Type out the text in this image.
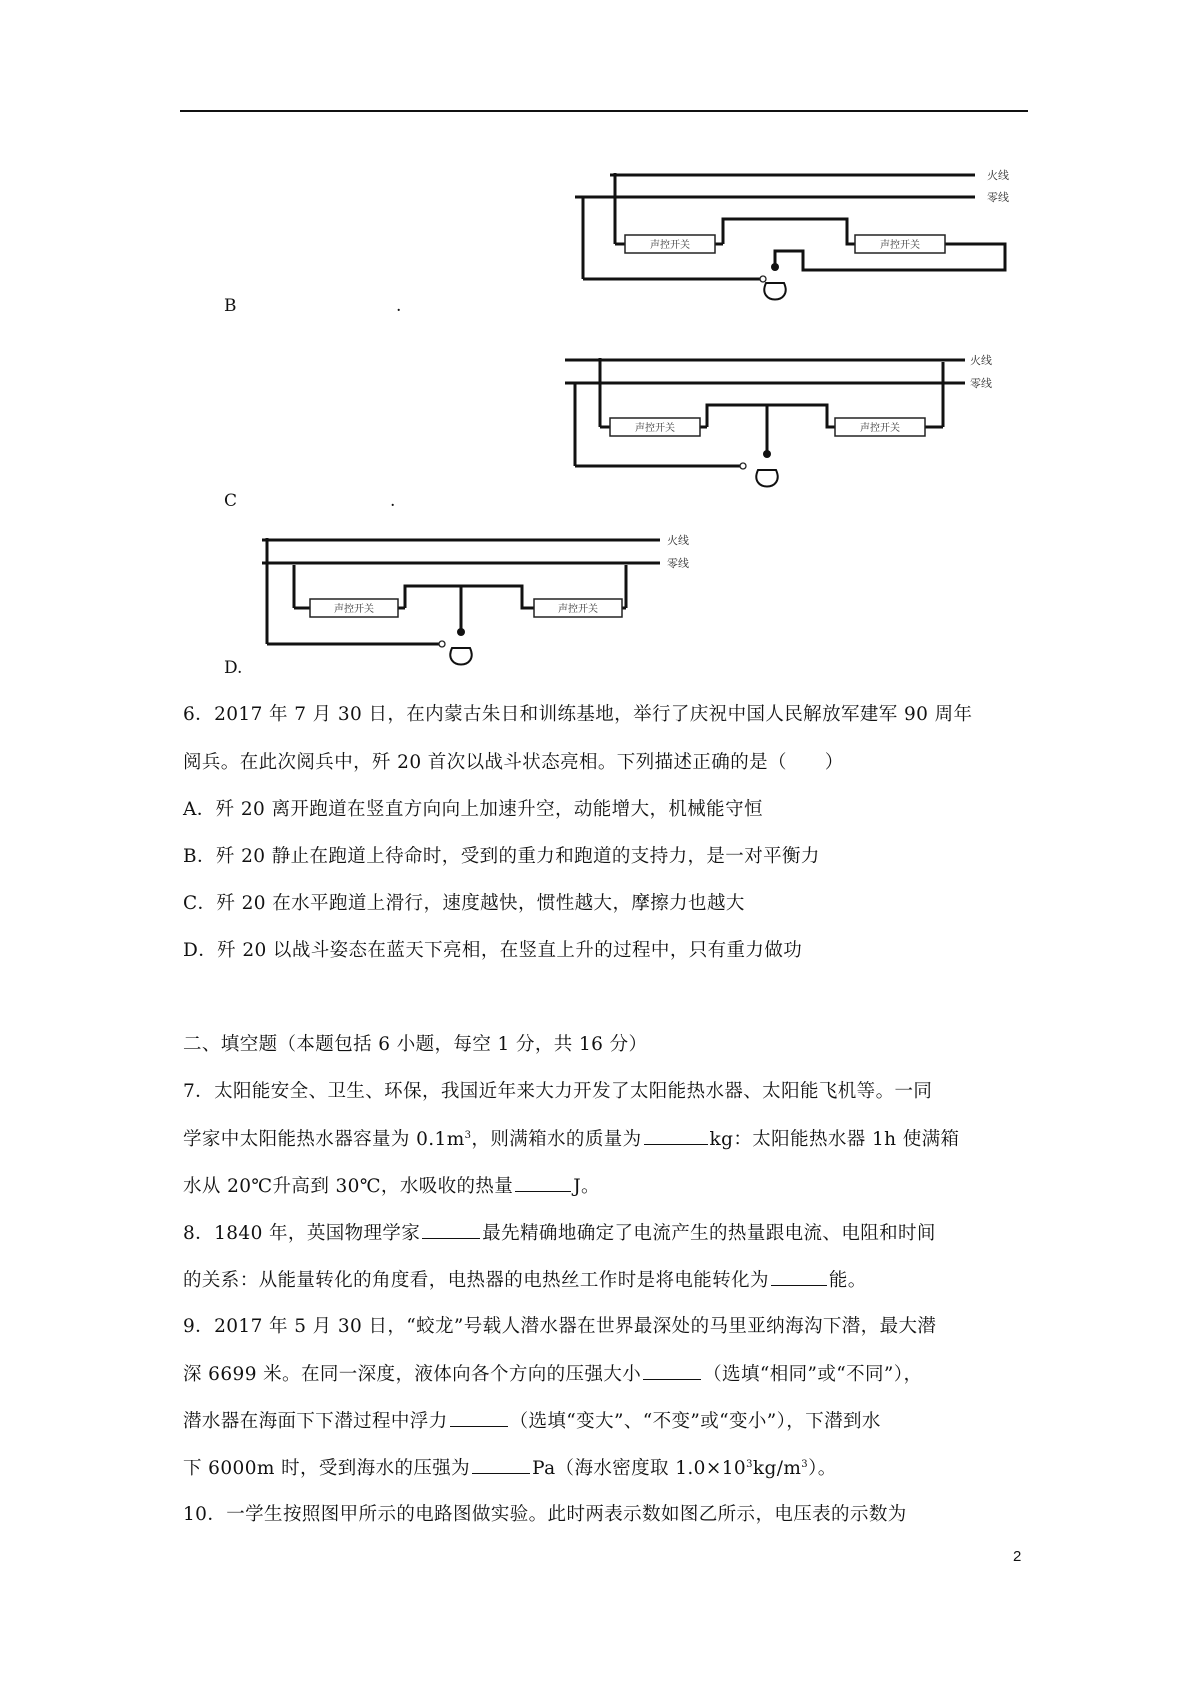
B	.
火线
零线
声控开关	声控开关
C	.
火线
零线
声控开关	声控开关
D.
火线
零线
声控开关	声控开关
6．2017 年 7 月 30 日，在内蒙古朱日和训练基地，举行了庆祝中国人民解放军建军 90 周年
阅兵。在此次阅兵中，歼 20 首次以战斗状态亮相。下列描述正确的是（　　）
A．歼 20 离开跑道在竖直方向向上加速升空，动能增大，机械能守恒
B．歼 20 静止在跑道上待命时，受到的重力和跑道的支持力，是一对平衡力
C．歼 20 在水平跑道上滑行，速度越快，惯性越大，摩擦力也越大
D．歼 20 以战斗姿态在蓝天下亮相，在竖直上升的过程中，只有重力做功
二、填空题（本题包括 6 小题，每空 1 分，共 16 分）
7．太阳能安全、卫生、环保，我国近年来大力开发了太阳能热水器、太阳能飞机等。一同
学家中太阳能热水器容量为 $0.1m^3$，则满箱水的质量为	kg：太阳能热水器 1h 使满箱
水从 20℃升高到 30℃，水吸收的热量	J。
8．1840 年，英国物理学家	最先精确地确定了电流产生的热量跟电流、电阻和时间
的关系：从能量转化的角度看，电热器的电热丝工作时是将电能转化为	能。
9．2017 年 5 月 30 日，“蛟龙”号载人潜水器在世界最深处的马里亚纳海沟下潜，最大潜
深 6699 米。在同一深度，液体向各个方向的压强大小	（选填“相同”或“不同”），
潜水器在海面下下潜过程中浮力	（选填“变大”、“不变”或“变小”），下潜到水
下 6000m 时，受到海水的压强为	Pa（海水密度取 $1.0\times 10^3kg/m^3$）。
10．一学生按照图甲所示的电路图做实验。此时两表示数如图乙所示，电压表的示数为
2
